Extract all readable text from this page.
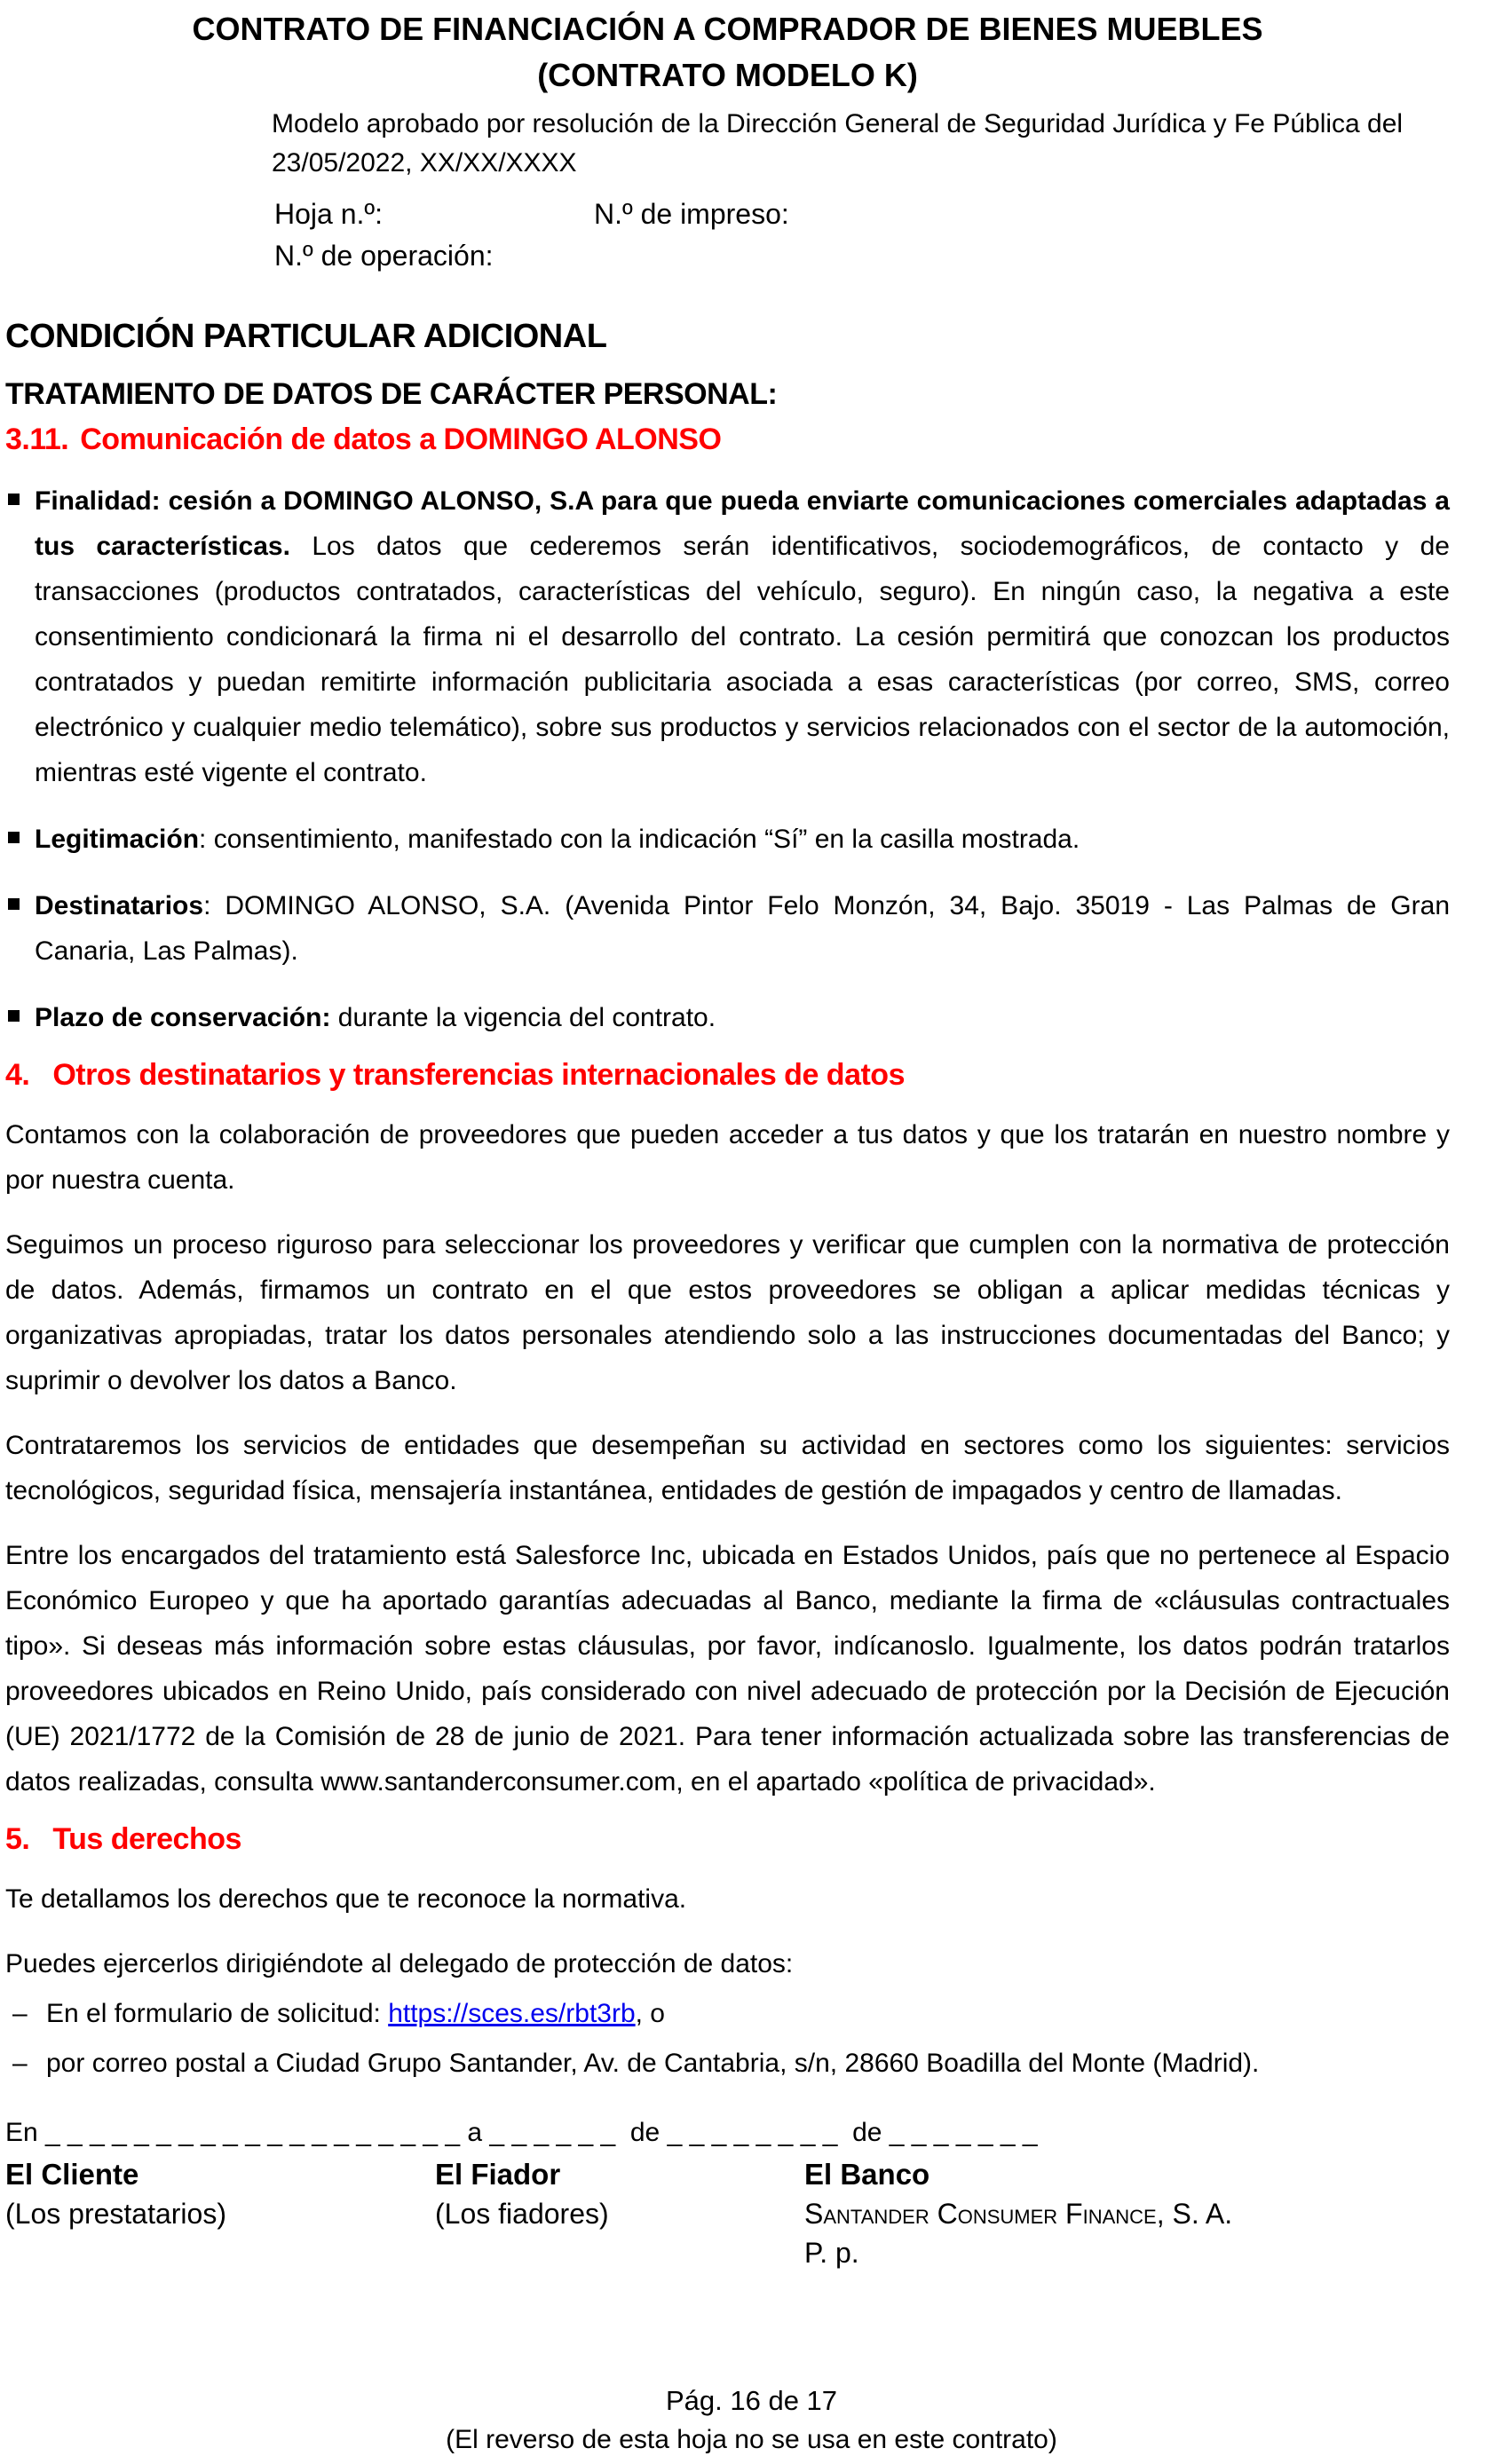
CONTRATO DE FINANCIACIÓN A COMPRADOR DE BIENES MUEBLES
(CONTRATO MODELO K)
Modelo aprobado por resolución de la Dirección General de Seguridad Jurídica y Fe Pública del
23/05/2022, XX/XX/XXXX
Hoja n.º:	N.º de impreso:
N.º de operación:
CONDICIÓN PARTICULAR ADICIONAL
TRATAMIENTO DE DATOS DE CARÁCTER PERSONAL:
3.11. Comunicación de datos a DOMINGO ALONSO

Finalidad: cesión a DOMINGO ALONSO, S.A para que pueda enviarte comunicaciones comerciales adaptadas a tus características. Los datos que cederemos serán identificativos, sociodemográficos, de contacto y de transacciones (productos contratados, características del vehículo, seguro). En ningún caso, la negativa a este consentimiento condicionará la firma ni el desarrollo del contrato. La cesión permitirá que conozcan los productos contratados y puedan remitirte información publicitaria asociada a esas características (por correo, SMS, correo electrónico y cualquier medio telemático), sobre sus productos y servicios relacionados con el sector de la automoción, mientras esté vigente el contrato.

Legitimación: consentimiento, manifestado con la indicación “Sí” en la casilla mostrada.

Destinatarios: DOMINGO ALONSO, S.A. (Avenida Pintor Felo Monzón, 34, Bajo. 35019 - Las Palmas de Gran Canaria, Las Palmas).

Plazo de conservación: durante la vigencia del contrato.

4. Otros destinatarios y transferencias internacionales de datos

Contamos con la colaboración de proveedores que pueden acceder a tus datos y que los tratarán en nuestro nombre y por nuestra cuenta.

Seguimos un proceso riguroso para seleccionar los proveedores y verificar que cumplen con la normativa de protección de datos. Además, firmamos un contrato en el que estos proveedores se obligan a aplicar medidas técnicas y organizativas apropiadas, tratar los datos personales atendiendo solo a las instrucciones documentadas del Banco; y suprimir o devolver los datos a Banco.

Contrataremos los servicios de entidades que desempeñan su actividad en sectores como los siguientes: servicios tecnológicos, seguridad física, mensajería instantánea, entidades de gestión de impagados y centro de llamadas.

Entre los encargados del tratamiento está Salesforce Inc, ubicada en Estados Unidos, país que no pertenece al Espacio Económico Europeo y que ha aportado garantías adecuadas al Banco, mediante la firma de «cláusulas contractuales tipo». Si deseas más información sobre estas cláusulas, por favor, indícanoslo. Igualmente, los datos podrán tratarlos proveedores ubicados en Reino Unido, país considerado con nivel adecuado de protección por la Decisión de Ejecución (UE) 2021/1772 de la Comisión de 28 de junio de 2021. Para tener información actualizada sobre las transferencias de datos realizadas, consulta www.santanderconsumer.com, en el apartado «política de privacidad».

5. Tus derechos

Te detallamos los derechos que te reconoce la normativa.

Puedes ejercerlos dirigiéndote al delegado de protección de datos:

– En el formulario de solicitud: https://sces.es/rbt3rb, o

– por correo postal a Ciudad Grupo Santander, Av. de Cantabria, s/n, 28660 Boadilla del Monte (Madrid).

En _ _ _ _ _ _ _ _ _ _ _ _ _ _ _ _ _ _ _ a _ _ _ _ _ _  de _ _ _ _ _ _ _ _  de _ _ _ _ _ _ _
El Cliente
(Los prestatarios)
El Fiador
(Los fiadores)
El Banco
Santander Consumer Finance, S. A.
P. p.
Pág. 16 de 17
(El reverso de esta hoja no se usa en este contrato)
